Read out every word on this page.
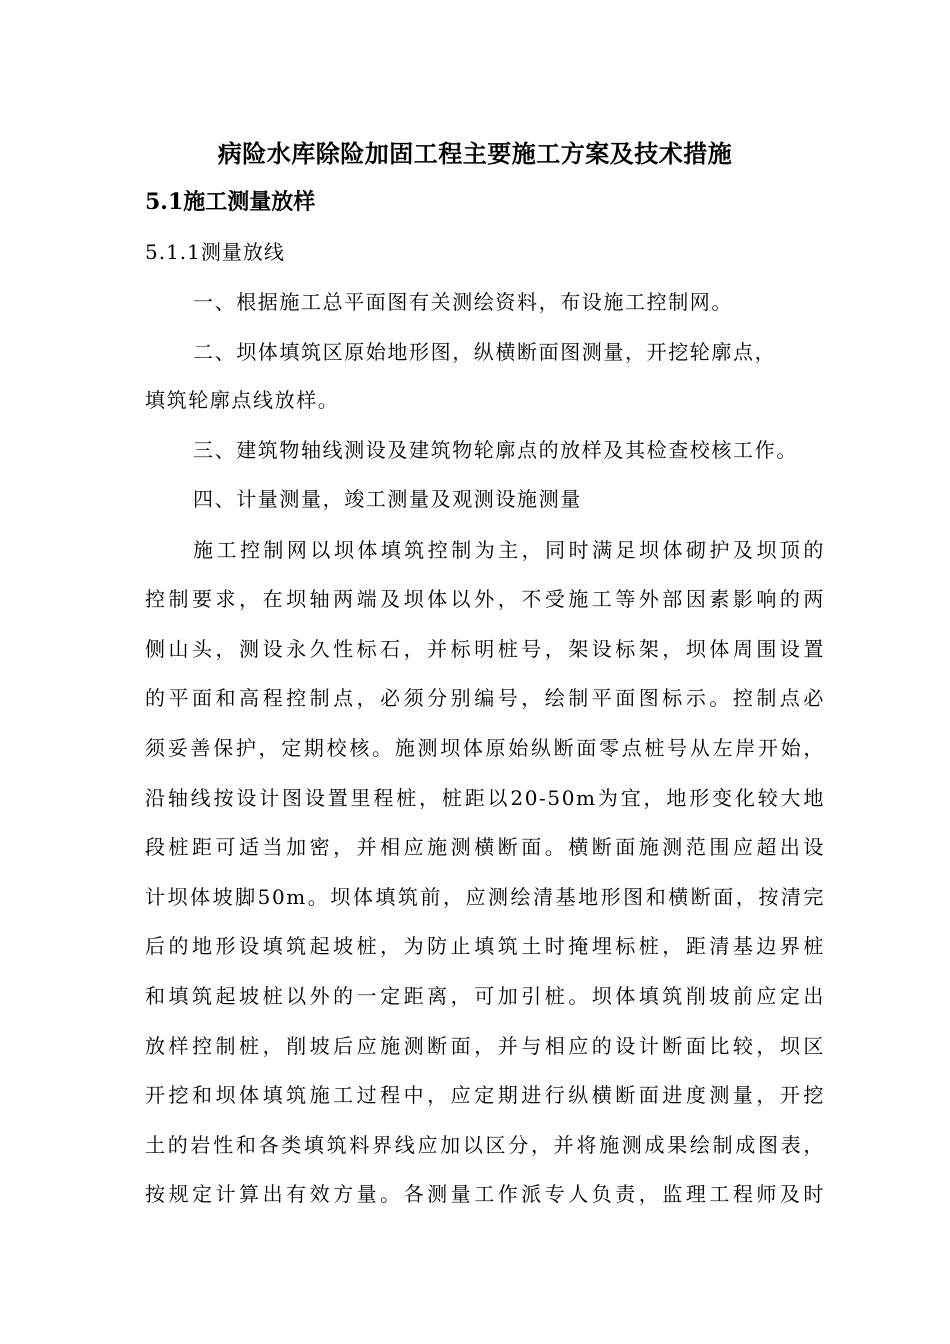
病险水库除险加固工程主要施工方案及技术措施
5.1施工测量放样
5.1.1测量放线
一、根据施工总平面图有关测绘资料，布设施工控制网。
二、坝体填筑区原始地形图，纵横断面图测量，开挖轮廓点，
填筑轮廓点线放样。
三、建筑物轴线测设及建筑物轮廓点的放样及其检查校核工作。
四、计量测量，竣工测量及观测设施测量
施工控制网以坝体填筑控制为主，同时满足坝体砌护及坝顶的
控制要求，在坝轴两端及坝体以外，不受施工等外部因素影响的两
侧山头，测设永久性标石，并标明桩号，架设标架，坝体周围设置
的平面和高程控制点，必须分别编号，绘制平面图标示。控制点必
须妥善保护，定期校核。施测坝体原始纵断面零点桩号从左岸开始，
沿轴线按设计图设置里程桩，桩距以20-50m为宜，地形变化较大地
段桩距可适当加密，并相应施测横断面。横断面施测范围应超出设
计坝体坡脚50m。坝体填筑前，应测绘清基地形图和横断面，按清完
后的地形设填筑起坡桩，为防止填筑土时掩埋标桩，距清基边界桩
和填筑起坡桩以外的一定距离，可加引桩。坝体填筑削坡前应定出
放样控制桩，削坡后应施测断面，并与相应的设计断面比较，坝区
开挖和坝体填筑施工过程中，应定期进行纵横断面进度测量，开挖
土的岩性和各类填筑料界线应加以区分，并将施测成果绘制成图表，
按规定计算出有效方量。各测量工作派专人负责，监理工程师及时
